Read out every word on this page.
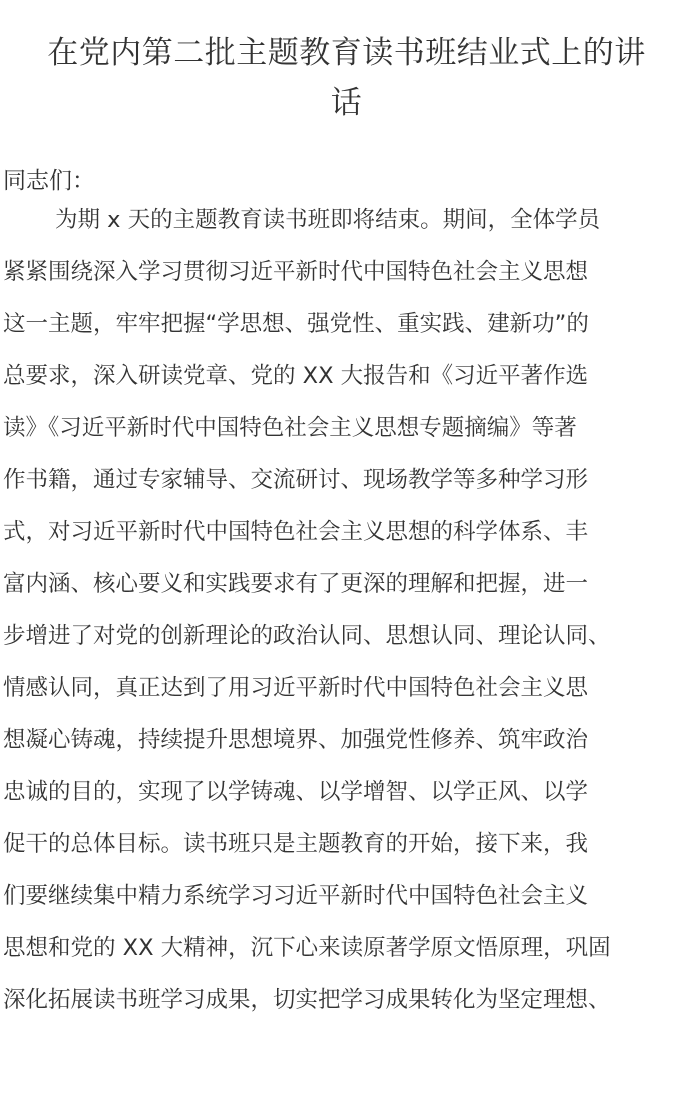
在党内第二批主题教育读书班结业式上的讲
话
同志们：
为期 x 天的主题教育读书班即将结束。期间，全体学员
紧紧围绕深入学习贯彻习近平新时代中国特色社会主义思想
这一主题，牢牢把握“学思想、强党性、重实践、建新功”的
总要求，深入研读党章、党的 XX 大报告和《习近平著作选
读》《习近平新时代中国特色社会主义思想专题摘编》等著
作书籍，通过专家辅导、交流研讨、现场教学等多种学习形
式，对习近平新时代中国特色社会主义思想的科学体系、丰
富内涵、核心要义和实践要求有了更深的理解和把握，进一
步增进了对党的创新理论的政治认同、思想认同、理论认同、
情感认同，真正达到了用习近平新时代中国特色社会主义思
想凝心铸魂，持续提升思想境界、加强党性修养、筑牢政治
忠诚的目的，实现了以学铸魂、以学增智、以学正风、以学
促干的总体目标。读书班只是主题教育的开始，接下来，我
们要继续集中精力系统学习习近平新时代中国特色社会主义
思想和党的 XX 大精神，沉下心来读原著学原文悟原理，巩固
深化拓展读书班学习成果，切实把学习成果转化为坚定理想、
